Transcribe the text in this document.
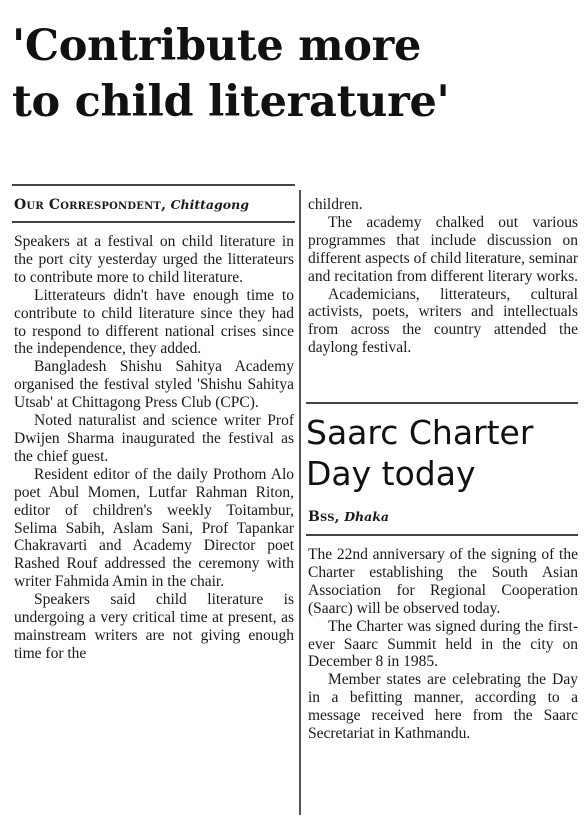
'Contribute more
to child literature'
Our Correspondent, Chittagong

Speakers at a festival on child literature in the port city yesterday urged the litterateurs to contribute more to child literature.

Litterateurs didn't have enough time to contribute to child literature since they had to respond to different national crises since the independence, they added.

Bangladesh Shishu Sahitya Academy organised the festival styled 'Shishu Sahitya Utsab' at Chittagong Press Club (CPC).

Noted naturalist and science writer Prof Dwijen Sharma inaugurated the festival as the chief guest.

Resident editor of the daily Prothom Alo poet Abul Momen, Lutfar Rahman Riton, editor of children's weekly Toitambur, Selima Sabih, Aslam Sani, Prof Tapankar Chakravarti and Academy Director poet Rashed Rouf addressed the ceremony with writer Fahmida Amin in the chair.

Speakers said child literature is undergoing a very critical time at present, as mainstream writers are not giving enough time for the

children.

The academy chalked out various programmes that include discussion on different aspects of child literature, seminar and recitation from different literary works.

Academicians, litterateurs, cultural activists, poets, writers and intellectuals from across the country attended the daylong festival.

Saarc Charter
Day today
Bss, Dhaka

The 22nd anniversary of the signing of the Charter establishing the South Asian Association for Regional Cooperation (Saarc) will be observed today.

The Charter was signed during the first-ever Saarc Summit held in the city on December 8 in 1985.

Member states are celebrating the Day in a befitting manner, according to a message received here from the Saarc Secretariat in Kathmandu.
